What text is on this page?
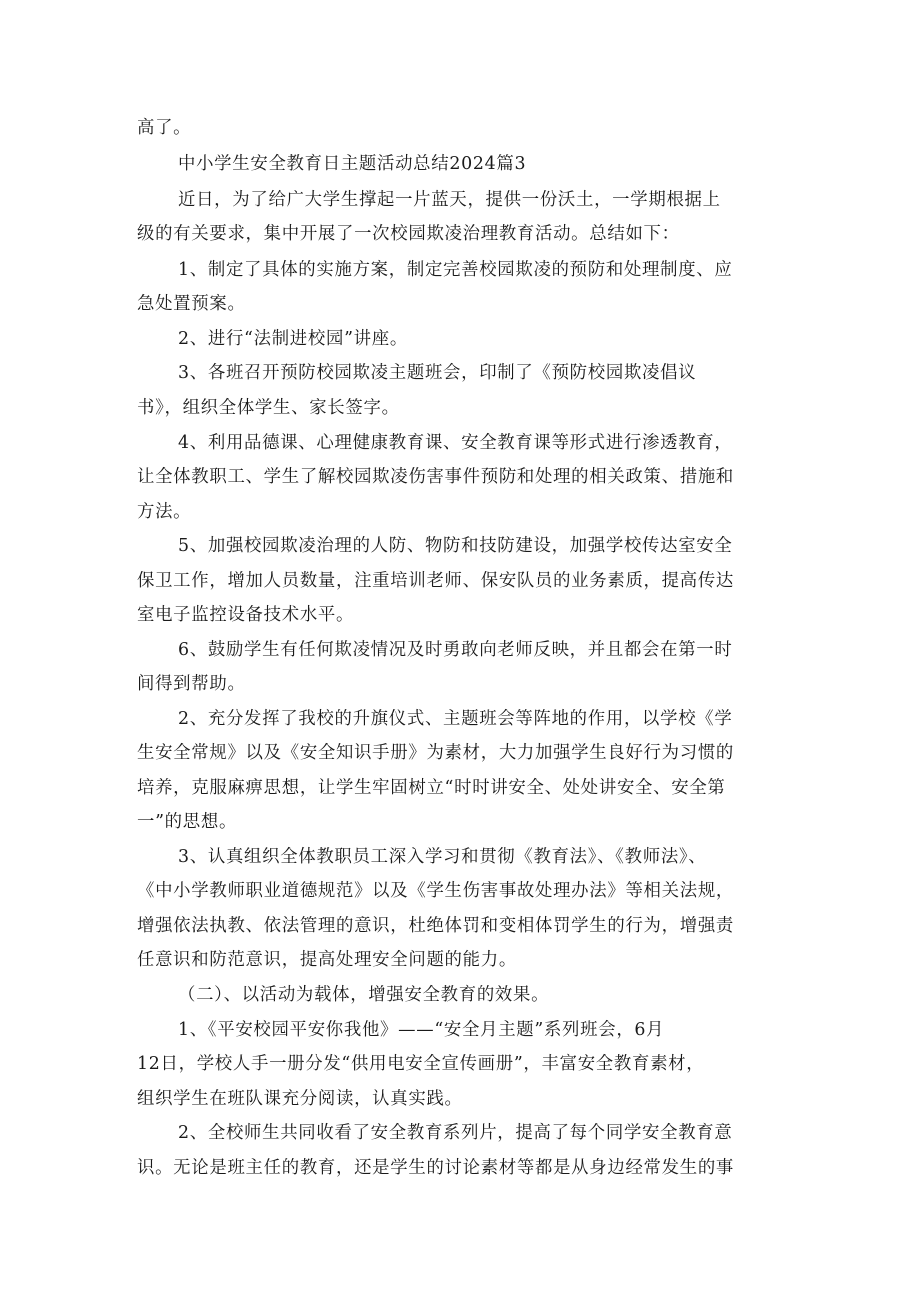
高了。

中小学生安全教育日主题活动总结2024篇3

近日，为了给广大学生撑起一片蓝天，提供一份沃土，一学期根据上

级的有关要求，集中开展了一次校园欺凌治理教育活动。总结如下：

1、制定了具体的实施方案，制定完善校园欺凌的预防和处理制度、应

急处置预案。

2、进行“法制进校园”讲座。

3、各班召开预防校园欺凌主题班会，印制了《预防校园欺凌倡议

书》，组织全体学生、家长签字。

4、利用品德课、心理健康教育课、安全教育课等形式进行渗透教育，

让全体教职工、学生了解校园欺凌伤害事件预防和处理的相关政策、措施和

方法。

5、加强校园欺凌治理的人防、物防和技防建设，加强学校传达室安全

保卫工作，增加人员数量，注重培训老师、保安队员的业务素质，提高传达

室电子监控设备技术水平。

6、鼓励学生有任何欺凌情况及时勇敢向老师反映，并且都会在第一时

间得到帮助。

2、充分发挥了我校的升旗仪式、主题班会等阵地的作用，以学校《学

生安全常规》以及《安全知识手册》为素材，大力加强学生良好行为习惯的

培养，克服麻痹思想，让学生牢固树立“时时讲安全、处处讲安全、安全第

一”的思想。

3、认真组织全体教职员工深入学习和贯彻《教育法》、《教师法》、

《中小学教师职业道德规范》以及《学生伤害事故处理办法》等相关法规，

增强依法执教、依法管理的意识，杜绝体罚和变相体罚学生的行为，增强责

任意识和防范意识，提高处理安全问题的能力。

（二）、以活动为载体，增强安全教育的效果。

1、《平安校园平安你我他》——“安全月主题”系列班会，6月

12日，学校人手一册分发“供用电安全宣传画册”，丰富安全教育素材，

组织学生在班队课充分阅读，认真实践。

2、全校师生共同收看了安全教育系列片，提高了每个同学安全教育意

识。无论是班主任的教育，还是学生的讨论素材等都是从身边经常发生的事
